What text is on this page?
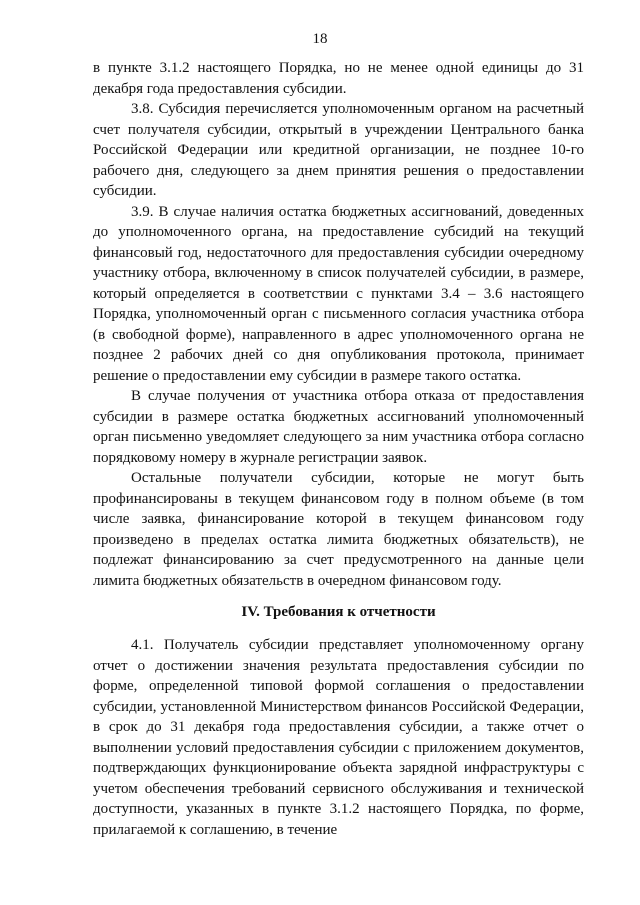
18

в пункте 3.1.2 настоящего Порядка, но не менее одной единицы до 31 декабря года предоставления субсидии.

3.8. Субсидия перечисляется уполномоченным органом на расчетный счет получателя субсидии, открытый в учреждении Центрального банка Российской Федерации или кредитной организации, не позднее 10-го рабочего дня, следующего за днем принятия решения о предоставлении субсидии.

3.9. В случае наличия остатка бюджетных ассигнований, доведенных до уполномоченного органа, на предоставление субсидий на текущий финансовый год, недостаточного для предоставления субсидии очередному участнику отбора, включенному в список получателей субсидии, в размере, который определяется в соответствии с пунктами 3.4 – 3.6 настоящего Порядка, уполномоченный орган с письменного согласия участника отбора (в свободной форме), направленного в адрес уполномоченного органа не позднее 2 рабочих дней со дня опубликования протокола, принимает решение о предоставлении ему субсидии в размере такого остатка.

В случае получения от участника отбора отказа от предоставления субсидии в размере остатка бюджетных ассигнований уполномоченный орган письменно уведомляет следующего за ним участника отбора согласно порядковому номеру в журнале регистрации заявок.

Остальные получатели субсидии, которые не могут быть профинансированы в текущем финансовом году в полном объеме (в том числе заявка, финансирование которой в текущем финансовом году произведено в пределах остатка лимита бюджетных обязательств), не подлежат финансированию за счет предусмотренного на данные цели лимита бюджетных обязательств в очередном финансовом году.

IV. Требования к отчетности

4.1. Получатель субсидии представляет уполномоченному органу отчет о достижении значения результата предоставления субсидии по форме, определенной типовой формой соглашения о предоставлении субсидии, установленной Министерством финансов Российской Федерации, в срок до 31 декабря года предоставления субсидии, а также отчет о выполнении условий предоставления субсидии с приложением документов, подтверждающих функционирование объекта зарядной инфраструктуры с учетом обеспечения требований сервисного обслуживания и технической доступности, указанных в пункте 3.1.2 настоящего Порядка, по форме, прилагаемой к соглашению, в течение
